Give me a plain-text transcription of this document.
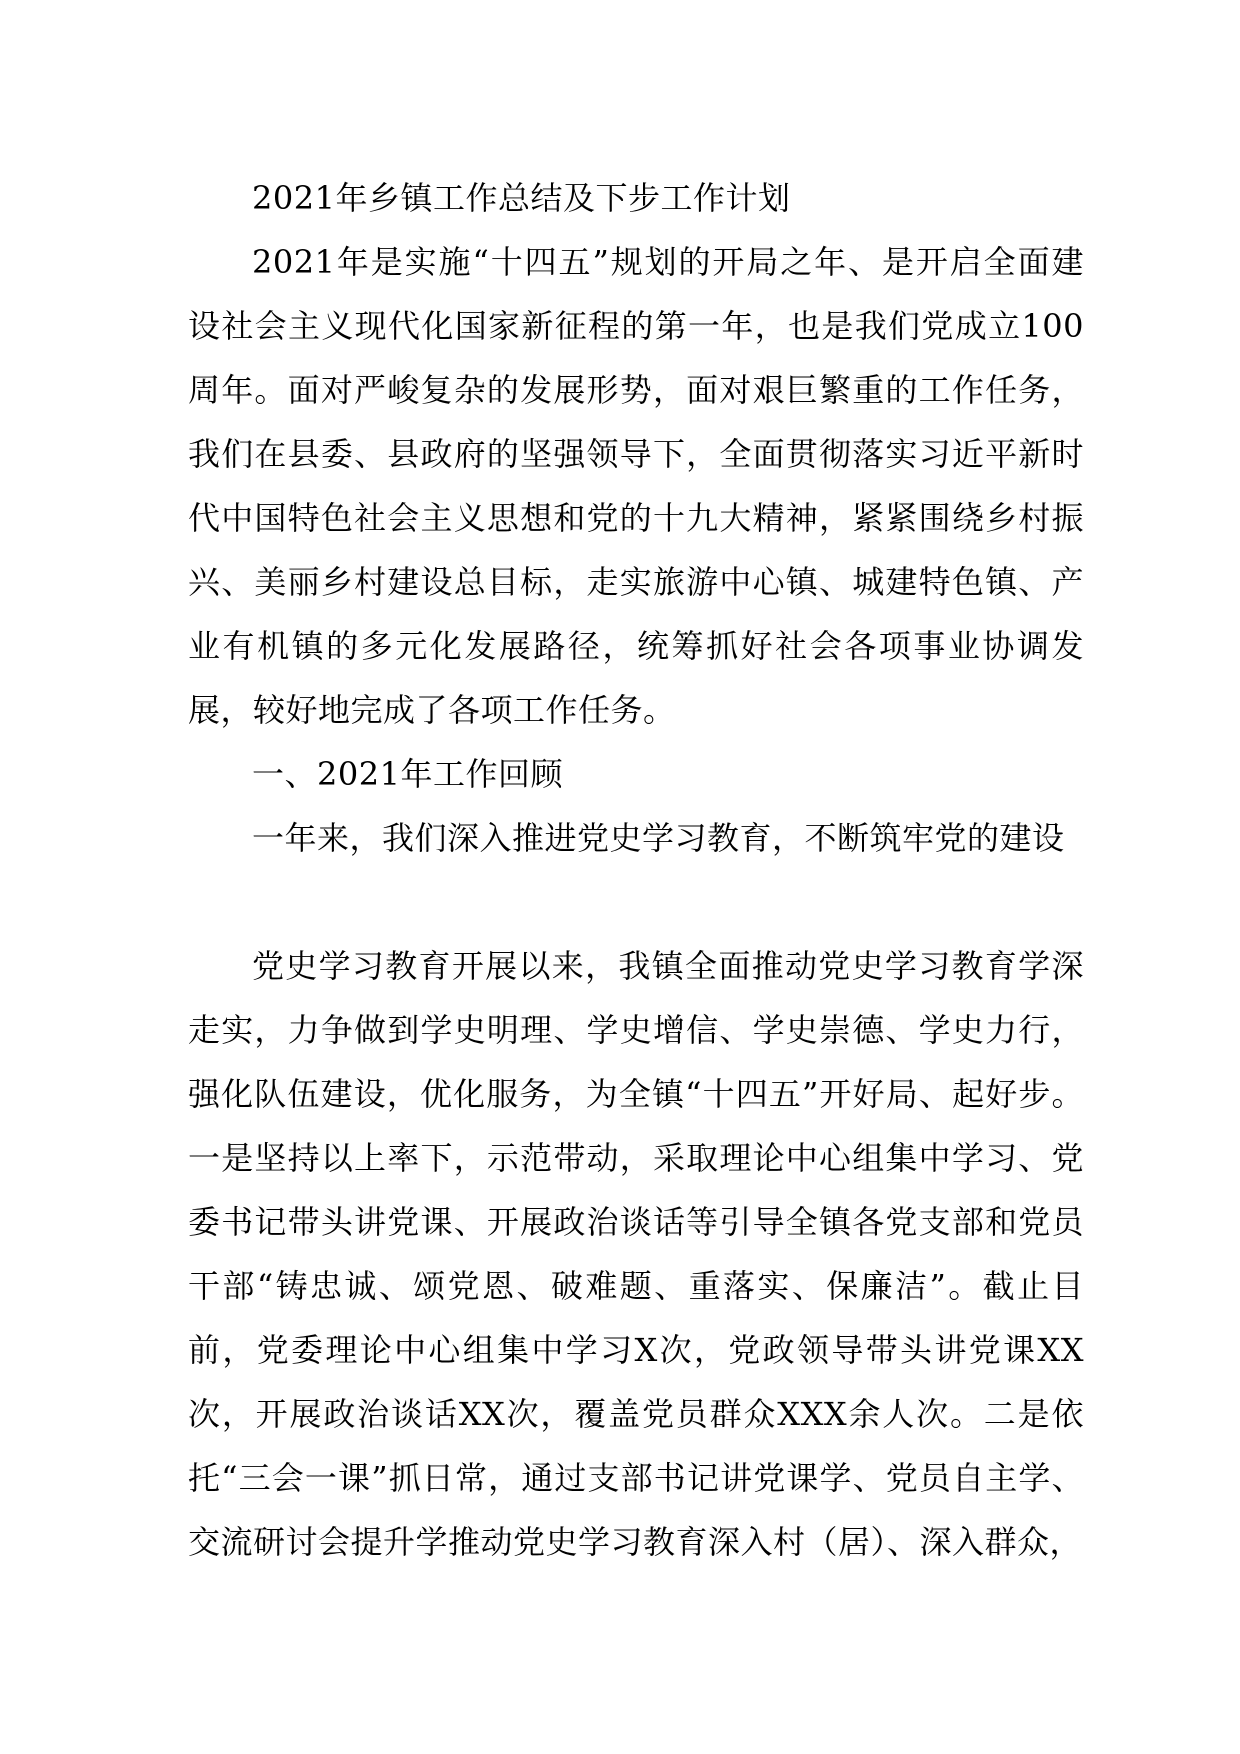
2021年乡镇工作总结及下步工作计划

2021年是实施“十四五”规划的开局之年、是开启全面建设社会主义现代化国家新征程的第一年，也是我们党成立100周年。面对严峻复杂的发展形势，面对艰巨繁重的工作任务，我们在县委、县政府的坚强领导下，全面贯彻落实习近平新时代中国特色社会主义思想和党的十九大精神，紧紧围绕乡村振兴、美丽乡村建设总目标，走实旅游中心镇、城建特色镇、产业有机镇的多元化发展路径，统筹抓好社会各项事业协调发展，较好地完成了各项工作任务。

一、2021年工作回顾

一年来，我们深入推进党史学习教育，不断筑牢党的建设

党史学习教育开展以来，我镇全面推动党史学习教育学深走实，力争做到学史明理、学史增信、学史崇德、学史力行，强化队伍建设，优化服务，为全镇“十四五”开好局、起好步。一是坚持以上率下，示范带动，采取理论中心组集中学习、党委书记带头讲党课、开展政治谈话等引导全镇各党支部和党员干部“铸忠诚、颂党恩、破难题、重落实、保廉洁”。截止目前，党委理论中心组集中学习X次，党政领导带头讲党课XX次，开展政治谈话XX次，覆盖党员群众XXX余人次。二是依托“三会一课”抓日常，通过支部书记讲党课学、党员自主学、交流研讨会提升学推动党史学习教育深入村（居）、深入群众，
